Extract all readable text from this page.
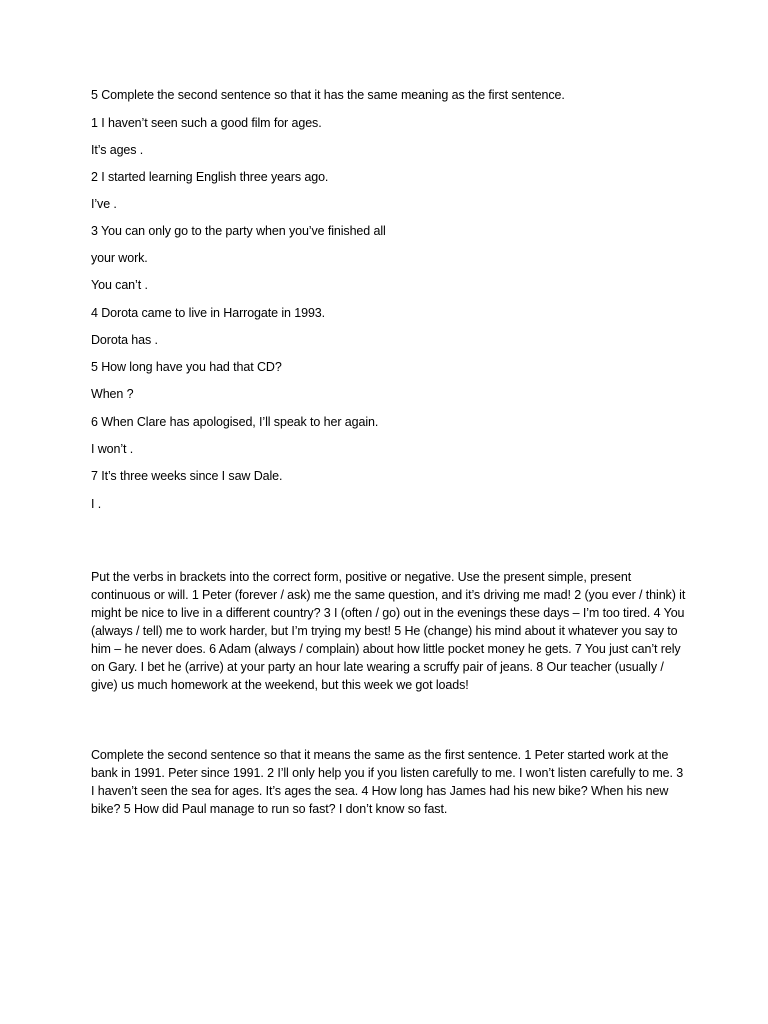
5 Complete the second sentence so that it has the same meaning as the first sentence.
1 I haven’t seen such a good film for ages.
It’s ages .
2 I started learning English three years ago.
I’ve .
3 You can only go to the party when you’ve finished all
your work.
You can’t .
4 Dorota came to live in Harrogate in 1993.
Dorota has .
5 How long have you had that CD?
When ?
6 When Clare has apologised, I’ll speak to her again.
I won’t .
7 It’s three weeks since I saw Dale.
I .
Put the verbs in brackets into the correct form, positive or negative. Use the present simple, present continuous or will. 1 Peter (forever / ask) me the same question, and it’s driving me mad! 2 (you ever / think) it might be nice to live in a different country? 3 I (often / go) out in the evenings these days – I’m too tired. 4 You (always / tell) me to work harder, but I’m trying my best! 5 He (change) his mind about it whatever you say to him – he never does. 6 Adam (always / complain) about how little pocket money he gets. 7 You just can’t rely on Gary. I bet he (arrive) at your party an hour late wearing a scruffy pair of jeans. 8 Our teacher (usually / give) us much homework at the weekend, but this week we got loads!
Complete the second sentence so that it means the same as the first sentence. 1 Peter started work at the bank in 1991. Peter since 1991. 2 I’ll only help you if you listen carefully to me. I won’t listen carefully to me. 3 I haven’t seen the sea for ages. It’s ages the sea. 4 How long has James had his new bike? When his new bike? 5 How did Paul manage to run so fast? I don’t know so fast.
